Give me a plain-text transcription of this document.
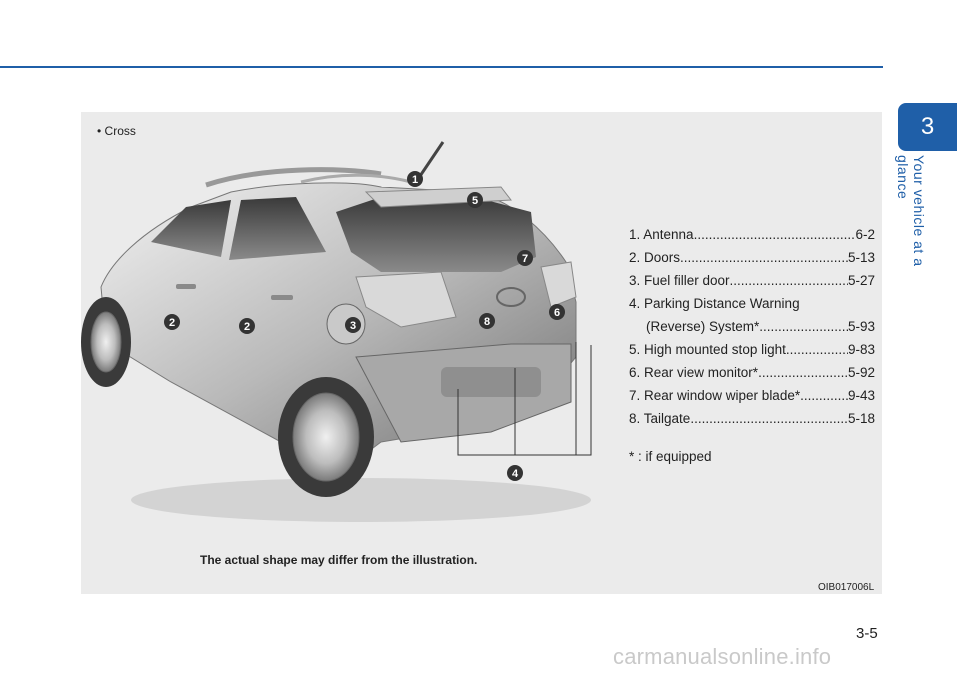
3
Your vehicle at a glance
• Cross
1
2	2	3
4
5
6
7
8
1. Antenna .....	6-2
2. Doors .....	5-13
3. Fuel filler door .....	5-27
4. Parking Distance Warning
(Reverse) System* .....	5-93
5. High mounted stop light .....	9-83
6. Rear view monitor* .....	5-92
7. Rear window wiper blade* .....	9-43
8. Tailgate .....	5-18
* : if equipped
The actual shape may differ from the illustration.
OIB017006L
3-5
carmanualsonline.info
